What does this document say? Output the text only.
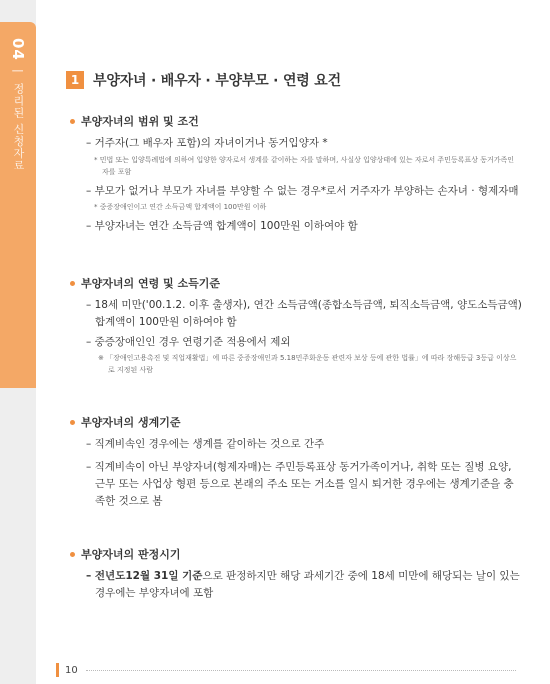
04 | 정리된 신청자료
1 부양자녀 · 배우자 · 부양부모 · 연령 요건
부양자녀의 범위 및 조건
– 거주자(그 배우자 포함)의 자녀이거나 동거입양자 *
* 민법 또는 입양특례법에 의하여 입양한 양자로서 생계를 같이하는 자를 말하며, 사실상 입양상태에 있는 자로서 주민등록표상 동거가족인 자를 포함
– 부모가 없거나 부모가 자녀를 부양할 수 없는 경우*로서 거주자가 부양하는 손자녀 · 형제자매
* 중증장애인이고 연간 소득금액 합계액이 100만원 이하
– 부양자녀는 연간 소득금액 합계액이 100만원 이하여야 함
부양자녀의 연령 및 소득기준
– 18세 미만('00.1.2. 이후 출생자), 연간 소득금액(종합소득금액, 퇴직소득금액, 양도소득금액) 합계액이 100만원 이하여야 함
– 중증장애인인 경우 연령기준 적용에서 제외
※ 「장애인고용촉진 및 직업재활법」에 따른 중증장애인과 5.18민주화운동 관련자 보상 등에 관한 법률」에 따라 장해등급 3등급 이상으로 지정된 사람
부양자녀의 생계기준
– 직계비속인 경우에는 생계를 같이하는 것으로 간주
– 직계비속이 아닌 부양자녀(형제자매)는 주민등록표상 동거가족이거나, 취학 또는 질병 요양, 근무 또는 사업상 형편 등으로 본래의 주소 또는 거소를 일시 퇴거한 경우에는 생계기준을 충족한 것으로 봄
부양자녀의 판정시기
– 전년도12월 31일 기준으로 판정하지만 해당 과세기간 중에 18세 미만에 해당되는 날이 있는 경우에는 부양자녀에 포함
10
